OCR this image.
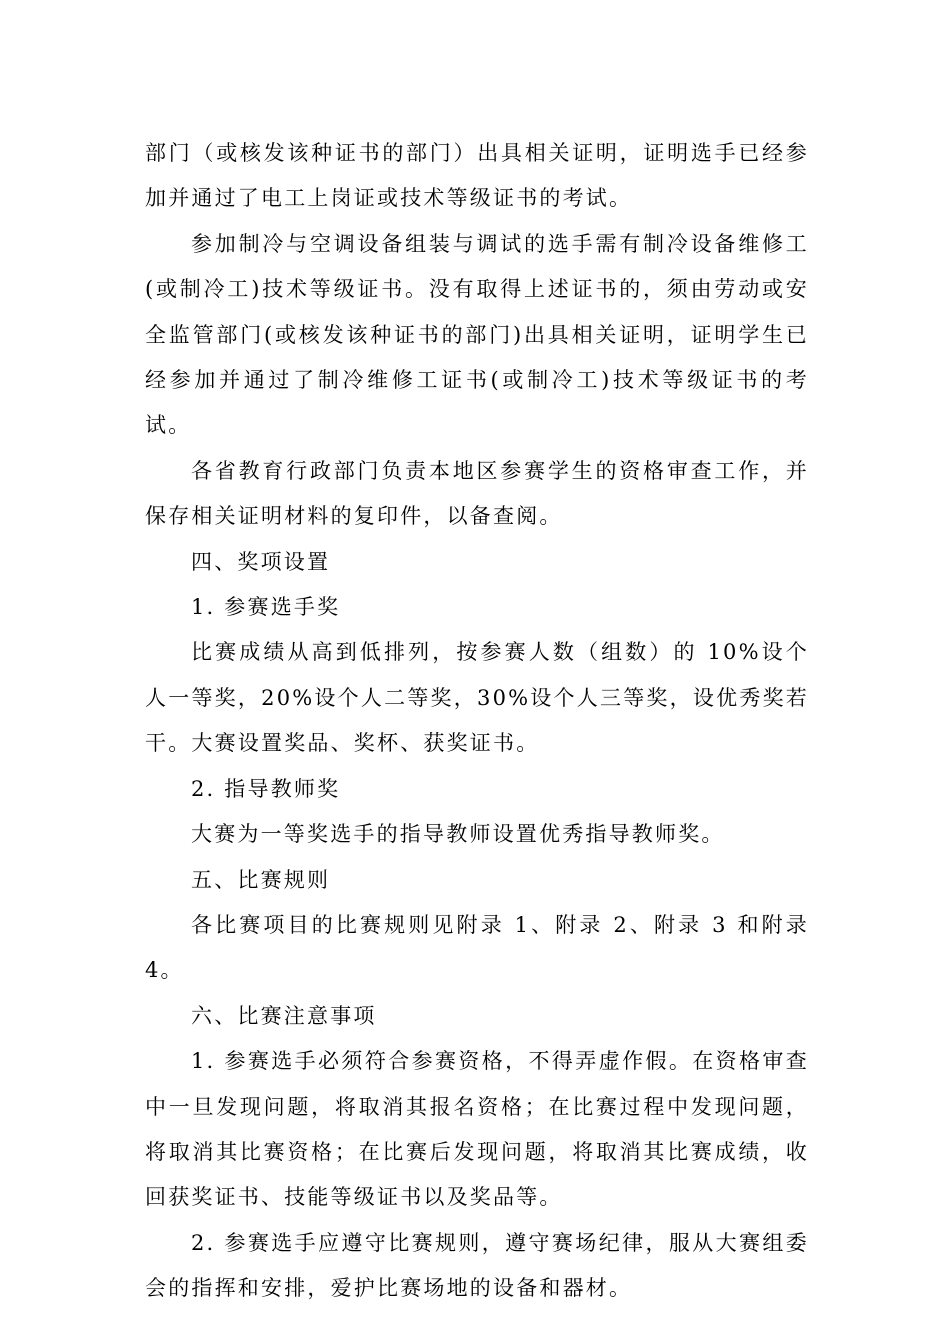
部门（或核发该种证书的部门）出具相关证明，证明选手已经参加并通过了电工上岗证或技术等级证书的考试。

参加制冷与空调设备组装与调试的选手需有制冷设备维修工(或制冷工)技术等级证书。没有取得上述证书的，须由劳动或安全监管部门(或核发该种证书的部门)出具相关证明，证明学生已经参加并通过了制冷维修工证书(或制冷工)技术等级证书的考试。

各省教育行政部门负责本地区参赛学生的资格审查工作，并保存相关证明材料的复印件，以备查阅。

四、奖项设置

1. 参赛选手奖

比赛成绩从高到低排列，按参赛人数（组数）的 10%设个人一等奖，20%设个人二等奖，30%设个人三等奖，设优秀奖若干。大赛设置奖品、奖杯、获奖证书。

2. 指导教师奖

大赛为一等奖选手的指导教师设置优秀指导教师奖。

五、比赛规则

各比赛项目的比赛规则见附录 1、附录 2、附录 3 和附录 4。

六、比赛注意事项

1. 参赛选手必须符合参赛资格，不得弄虚作假。在资格审查中一旦发现问题，将取消其报名资格；在比赛过程中发现问题，将取消其比赛资格；在比赛后发现问题，将取消其比赛成绩，收回获奖证书、技能等级证书以及奖品等。

2. 参赛选手应遵守比赛规则，遵守赛场纪律，服从大赛组委会的指挥和安排，爱护比赛场地的设备和器材。
